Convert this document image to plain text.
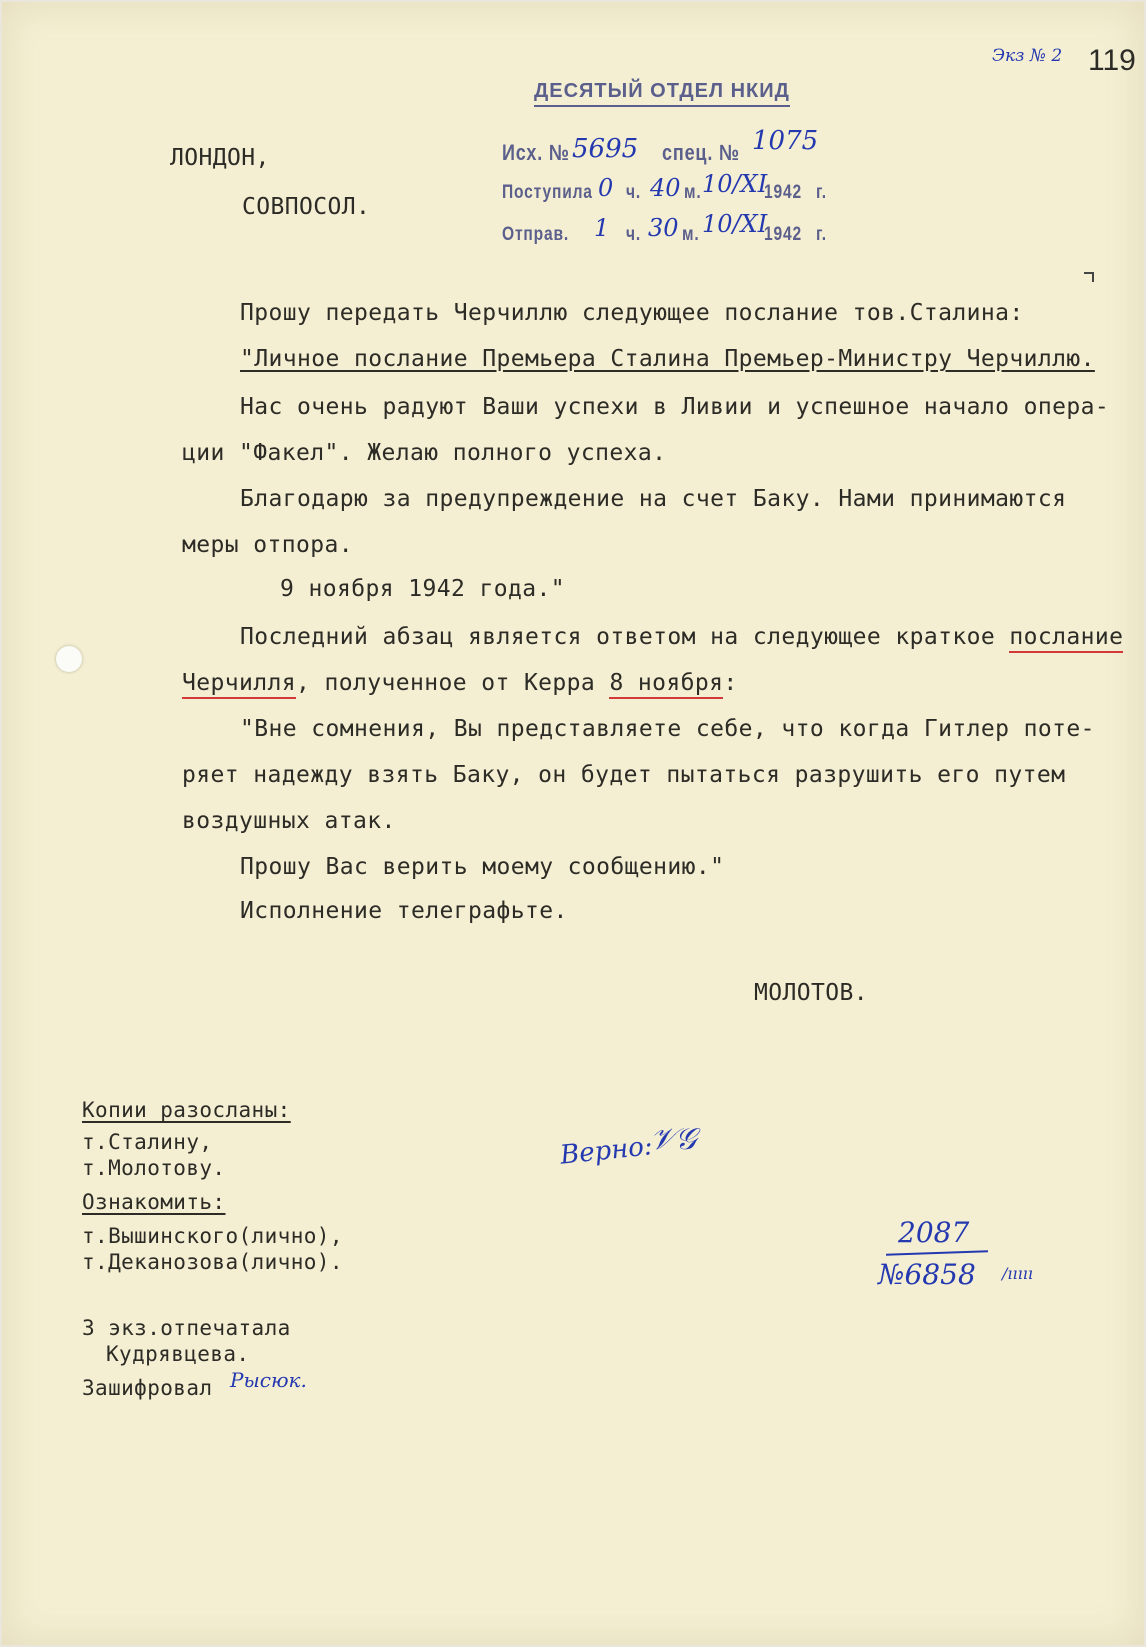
Экз № 2 119
ДЕСЯТЫЙ ОТДЕЛ НКИД
Исх. № 5695 спец. № 1075
Поступила 0 ч. 40 м. 10/XI
1942 г.
Отправ. 1 ч. 30 м. 10/XI
1942 г.
ЛОНДОН,
СОВПОСОЛ.
Прошу передать Черчиллю следующее послание тов.Сталина:
"Личное послание Премьера Сталина Премьер-Министру Черчиллю.
Нас очень радуют Ваши успехи в Ливии и успешное начало опера-
ции "Факел". Желаю полного успеха.
Благодарю за предупреждение на счет Баку. Нами принимаются
меры отпора.
9 ноября 1942 года."
Последний абзац является ответом на следующее краткое послание
Черчилля, полученное от Керра 8 ноября:
"Вне сомнения, Вы представляете себе, что когда Гитлер поте-
ряет надежду взять Баку, он будет пытаться разрушить его путем
воздушных атак.
Прошу Вас верить моему сообщению."
Исполнение телеграфьте.
МОЛОТОВ.
Копии разосланы:
т.Сталину,
т.Молотову.
Ознакомить:
т.Вышинского(лично),
т.Деканозова(лично).
3 экз.отпечатала
Кудрявцева.
Зашифровал Рысюк.
Верно:
𝒱𝒢
2087
№6858 /ııııı
